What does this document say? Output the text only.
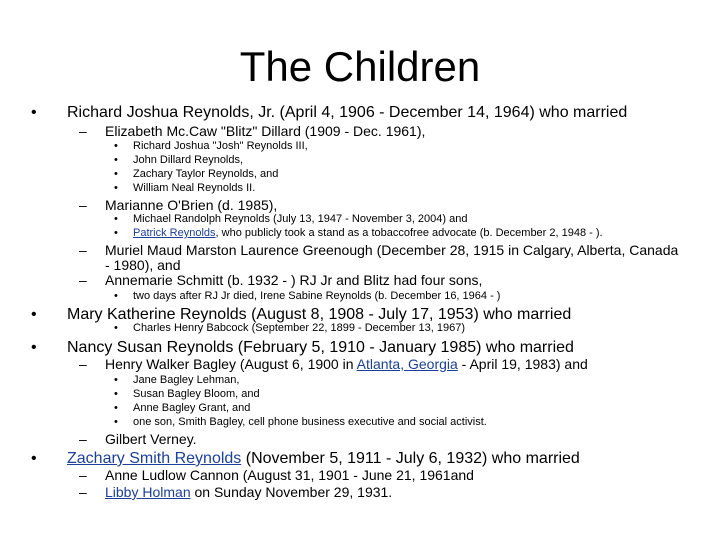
The Children
• Richard Joshua Reynolds, Jr. (April 4, 1906 - December 14, 1964) who married
– Elizabeth Mc.Caw "Blitz" Dillard (1909 - Dec. 1961),
• Richard Joshua "Josh" Reynolds III,
• John Dillard Reynolds,
• Zachary Taylor Reynolds, and
• William Neal Reynolds II.
– Marianne O'Brien (d. 1985),
• Michael Randolph Reynolds (July 13, 1947 - November 3, 2004) and
• Patrick Reynolds, who publicly took a stand as a tobaccofree advocate (b. December 2, 1948 - ).
– Muriel Maud Marston Laurence Greenough (December 28, 1915 in Calgary, Alberta, Canada
- 1980), and
– Annemarie Schmitt (b. 1932 - ) RJ Jr and Blitz had four sons,
• two days after RJ Jr died, Irene Sabine Reynolds (b. December 16, 1964 - )
• Mary Katherine Reynolds (August 8, 1908 - July 17, 1953) who married
• Charles Henry Babcock (September 22, 1899 - December 13, 1967)
• Nancy Susan Reynolds (February 5, 1910 - January 1985) who married
– Henry Walker Bagley (August 6, 1900 in Atlanta, Georgia - April 19, 1983) and
• Jane Bagley Lehman,
• Susan Bagley Bloom, and
• Anne Bagley Grant, and
• one son, Smith Bagley, cell phone business executive and social activist.
– Gilbert Verney.
• Zachary Smith Reynolds (November 5, 1911 - July 6, 1932) who married
– Anne Ludlow Cannon (August 31, 1901 - June 21, 1961and
– Libby Holman on Sunday November 29, 1931.
